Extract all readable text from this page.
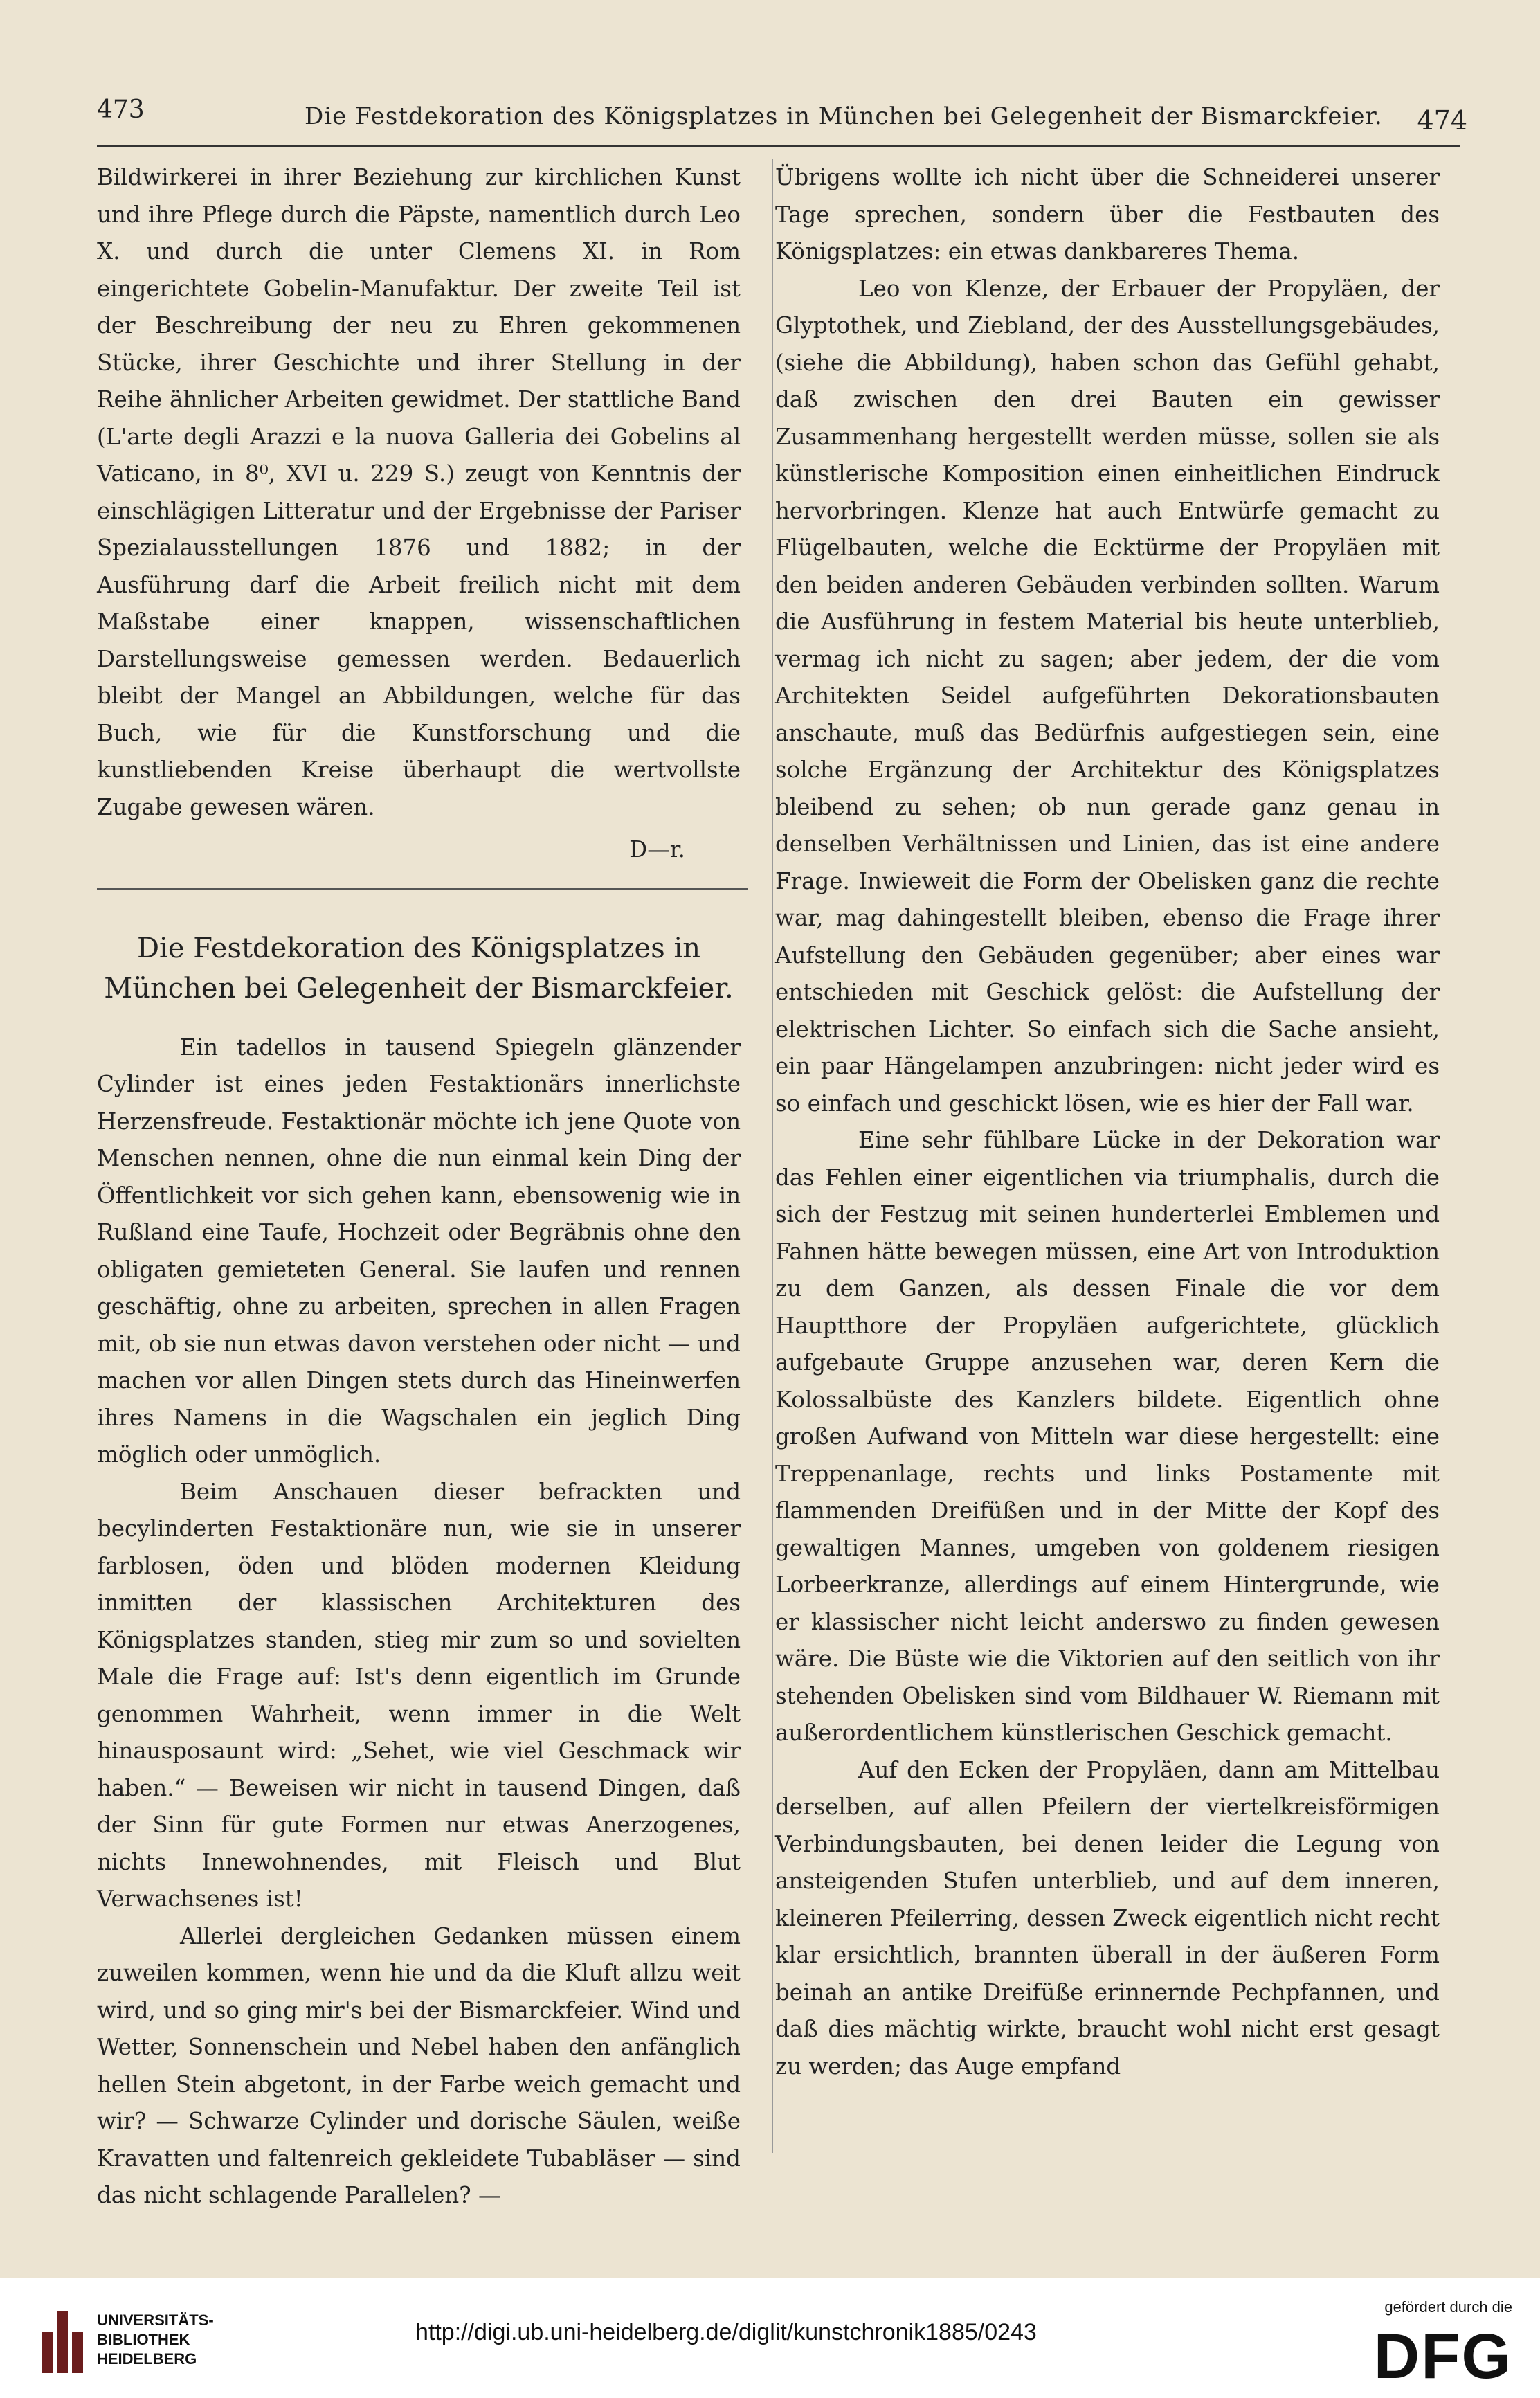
473	Die Festdekoration des Königsplatzes in München bei Gelegenheit der Bismarckfeier. 474

Bildwirkerei in ihrer Beziehung zur kirchlichen Kunst und ihre Pflege durch die Päpste, namentlich durch Leo X. und durch die unter Clemens XI. in Rom eingerichtete Gobelin-Manufaktur. Der zweite Teil ist der Beschreibung der neu zu Ehren gekommenen Stücke, ihrer Geschichte und ihrer Stellung in der Reihe ähnlicher Arbeiten gewidmet. Der stattliche Band (L'arte degli Arazzi e la nuova Galleria dei Gobelins al Vaticano, in 8⁰, XVI u. 229 S.) zeugt von Kenntnis der einschlägigen Litteratur und der Ergebnisse der Pariser Spezialausstellungen 1876 und 1882; in der Ausführung darf die Arbeit freilich nicht mit dem Maßstabe einer knappen, wissenschaftlichen Darstellungsweise gemessen werden. Bedauerlich bleibt der Mangel an Abbildungen, welche für das Buch, wie für die Kunstforschung und die kunstliebenden Kreise überhaupt die wertvollste Zugabe gewesen wären.

D—r.

Die Festdekoration des Königsplatzes in München bei Gelegenheit der Bismarckfeier.

Ein tadellos in tausend Spiegeln glänzender Cylinder ist eines jeden Festaktionärs innerlichste Herzensfreude. Festaktionär möchte ich jene Quote von Menschen nennen, ohne die nun einmal kein Ding der Öffentlichkeit vor sich gehen kann, ebensowenig wie in Rußland eine Taufe, Hochzeit oder Begräbnis ohne den obligaten gemieteten General. Sie laufen und rennen geschäftig, ohne zu arbeiten, sprechen in allen Fragen mit, ob sie nun etwas davon verstehen oder nicht — und machen vor allen Dingen stets durch das Hineinwerfen ihres Namens in die Wagschalen ein jeglich Ding möglich oder unmöglich.

Beim Anschauen dieser befrackten und becylinderten Festaktionäre nun, wie sie in unserer farblosen, öden und blöden modernen Kleidung inmitten der klassischen Architekturen des Königsplatzes standen, stieg mir zum so und sovielten Male die Frage auf: Ist's denn eigentlich im Grunde genommen Wahrheit, wenn immer in die Welt hinausposaunt wird: „Sehet, wie viel Geschmack wir haben.“ — Beweisen wir nicht in tausend Dingen, daß der Sinn für gute Formen nur etwas Anerzogenes, nichts Innewohnendes, mit Fleisch und Blut Verwachsenes ist!

Allerlei dergleichen Gedanken müssen einem zuweilen kommen, wenn hie und da die Kluft allzu weit wird, und so ging mir's bei der Bismarckfeier. Wind und Wetter, Sonnenschein und Nebel haben den anfänglich hellen Stein abgetont, in der Farbe weich gemacht und wir? — Schwarze Cylinder und dorische Säulen, weiße Kravatten und faltenreich gekleidete Tubabläser — sind das nicht schlagende Parallelen? —

Übrigens wollte ich nicht über die Schneiderei unserer Tage sprechen, sondern über die Festbauten des Königsplatzes: ein etwas dankbareres Thema.

Leo von Klenze, der Erbauer der Propyläen, der Glyptothek, und Ziebland, der des Ausstellungsgebäudes, (siehe die Abbildung), haben schon das Gefühl gehabt, daß zwischen den drei Bauten ein gewisser Zusammenhang hergestellt werden müsse, sollen sie als künstlerische Komposition einen einheitlichen Eindruck hervorbringen. Klenze hat auch Entwürfe gemacht zu Flügelbauten, welche die Ecktürme der Propyläen mit den beiden anderen Gebäuden verbinden sollten. Warum die Ausführung in festem Material bis heute unterblieb, vermag ich nicht zu sagen; aber jedem, der die vom Architekten Seidel aufgeführten Dekorationsbauten anschaute, muß das Bedürfnis aufgestiegen sein, eine solche Ergänzung der Architektur des Königsplatzes bleibend zu sehen; ob nun gerade ganz genau in denselben Verhältnissen und Linien, das ist eine andere Frage. Inwieweit die Form der Obelisken ganz die rechte war, mag dahingestellt bleiben, ebenso die Frage ihrer Aufstellung den Gebäuden gegenüber; aber eines war entschieden mit Geschick gelöst: die Aufstellung der elektrischen Lichter. So einfach sich die Sache ansieht, ein paar Hängelampen anzubringen: nicht jeder wird es so einfach und geschickt lösen, wie es hier der Fall war.

Eine sehr fühlbare Lücke in der Dekoration war das Fehlen einer eigentlichen via triumphalis, durch die sich der Festzug mit seinen hunderterlei Emblemen und Fahnen hätte bewegen müssen, eine Art von Introduktion zu dem Ganzen, als dessen Finale die vor dem Hauptthore der Propyläen aufgerichtete, glücklich aufgebaute Gruppe anzusehen war, deren Kern die Kolossalbüste des Kanzlers bildete. Eigentlich ohne großen Aufwand von Mitteln war diese hergestellt: eine Treppenanlage, rechts und links Postamente mit flammenden Dreifüßen und in der Mitte der Kopf des gewaltigen Mannes, umgeben von goldenem riesigen Lorbeerkranze, allerdings auf einem Hintergrunde, wie er klassischer nicht leicht anderswo zu finden gewesen wäre. Die Büste wie die Viktorien auf den seitlich von ihr stehenden Obelisken sind vom Bildhauer W. Riemann mit außerordentlichem künstlerischen Geschick gemacht.

Auf den Ecken der Propyläen, dann am Mittelbau derselben, auf allen Pfeilern der viertelkreisförmigen Verbindungsbauten, bei denen leider die Legung von ansteigenden Stufen unterblieb, und auf dem inneren, kleineren Pfeilerring, dessen Zweck eigentlich nicht recht klar ersichtlich, brannten überall in der äußeren Form beinah an antike Dreifüße erinnernde Pechpfannen, und daß dies mächtig wirkte, braucht wohl nicht erst gesagt zu werden; das Auge empfand

UNIVERSITÄTS-
BIBLIOTHEK
HEIDELBERG
http://digi.ub.uni-heidelberg.de/diglit/kunstchronik1885/0243
gefördert durch die
DFG
